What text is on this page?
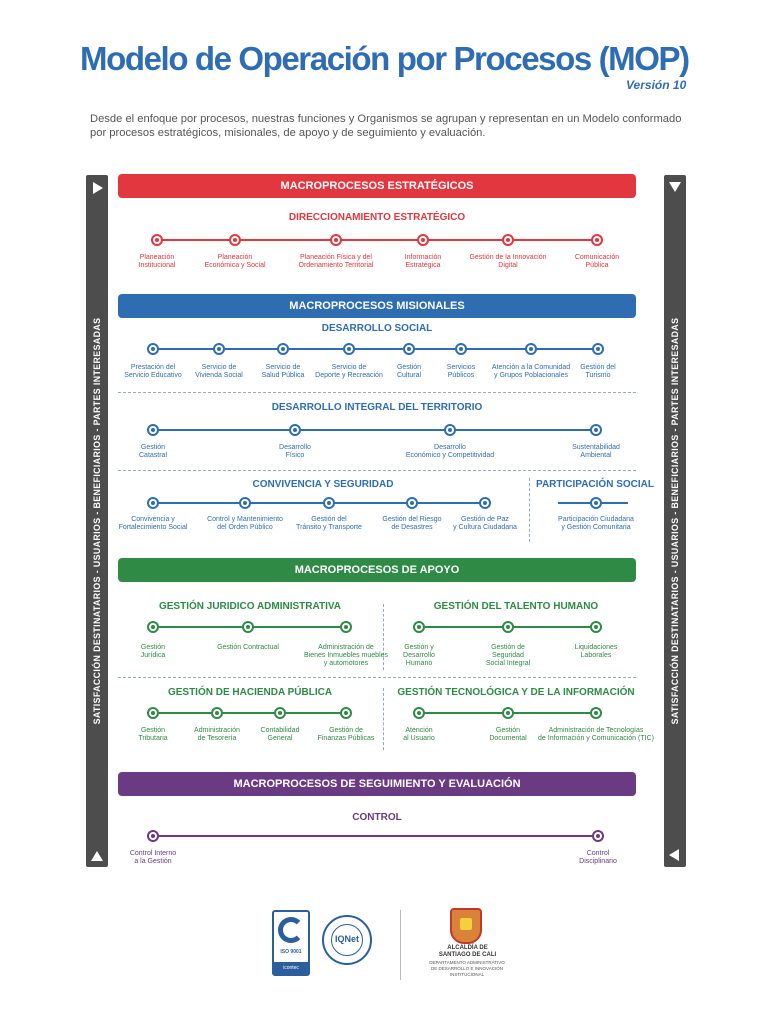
Modelo de Operación por Procesos (MOP)
Versión 10
Desde el enfoque por procesos, nuestras funciones y Organismos se agrupan y representan en un Modelo conformado por procesos estratégicos, misionales, de apoyo y de seguimiento y evaluación.
SATISFACCIÓN DESTINATARIOS - USUARIOS - BENEFICIARIOS - PARTES INTERESADAS	SATISFACCIÓN DESTINATARIOS - USUARIOS - BENEFICIARIOS - PARTES INTERESADAS
MACROPROCESOS ESTRATÉGICOS
DIRECCIONAMIENTO ESTRATÉGICO
MACROPROCESOS MISIONALES
DESARROLLO SOCIAL
DESARROLLO INTEGRAL DEL TERRITORIO
CONVIVENCIA Y SEGURIDAD	PARTICIPACIÓN SOCIAL
MACROPROCESOS DE APOYO
GESTIÓN JURIDICO ADMINISTRATIVA	GESTIÓN DEL TALENTO HUMANO
GESTIÓN DE HACIENDA PÚBLICA	GESTIÓN TECNOLÓGICA Y DE LA INFORMACIÓN
MACROPROCESOS DE SEGUIMIENTO Y EVALUACIÓN
CONTROL
Planeación
Institucional
Planeación
Económica y Social
Planeación Física y del
Ordenamiento Territorial
Información
Estratégica
Gestión de la Innovación
Digital
Comunicación
Pública
Prestación del
Servicio Educativo
Servicio de
Vivienda Social
Servicio de
Salud Pública
Servicio de
Deporte y Recreación
Gestión
Cultural
Servicios
Públicos
Atención a la Comunidad
y Grupos Poblacionales
Gestión del
Turismo
Gestión
Catastral
Desarrollo
Físico
Desarrollo
Económico y Competitividad
Sustentabilidad
Ambiental
Convivencia y
Fortalecimiento Social
Control y Mantenimiento
del Orden Público
Gestión del
Tránsito y Transporte
Gestión del Riesgo
de Desastres
Gestión de Paz
y Cultura Ciudadana
Participación Ciudadana
y Gestión Comunitaria
Gestión
Jurídica
Gestión Contractual	Administración de
Bienes Inmuebles muebles
y automotores
Gestión y
Desarrollo
Humano
Gestión de
Seguridad
Social Integral
Liquidaciones
Laborales
Gestión
Tributaria
Administración
de Tesorería
Contabilidad
General
Gestión de
Finanzas Públicas
Atención
al Usuario
Gestión
Documental
Administración de Tecnologías
de Información y Comunicación (TIC)
Control Interno
a la Gestión
Control
Disciplinario
ISO 9001
icontec
IQNet
ALCALDÍA DE
SANTIAGO DE CALI
DEPARTAMENTO ADMINISTRATIVO
DE DESARROLLO E INNOVACIÓN
INSTITUCIONAL
